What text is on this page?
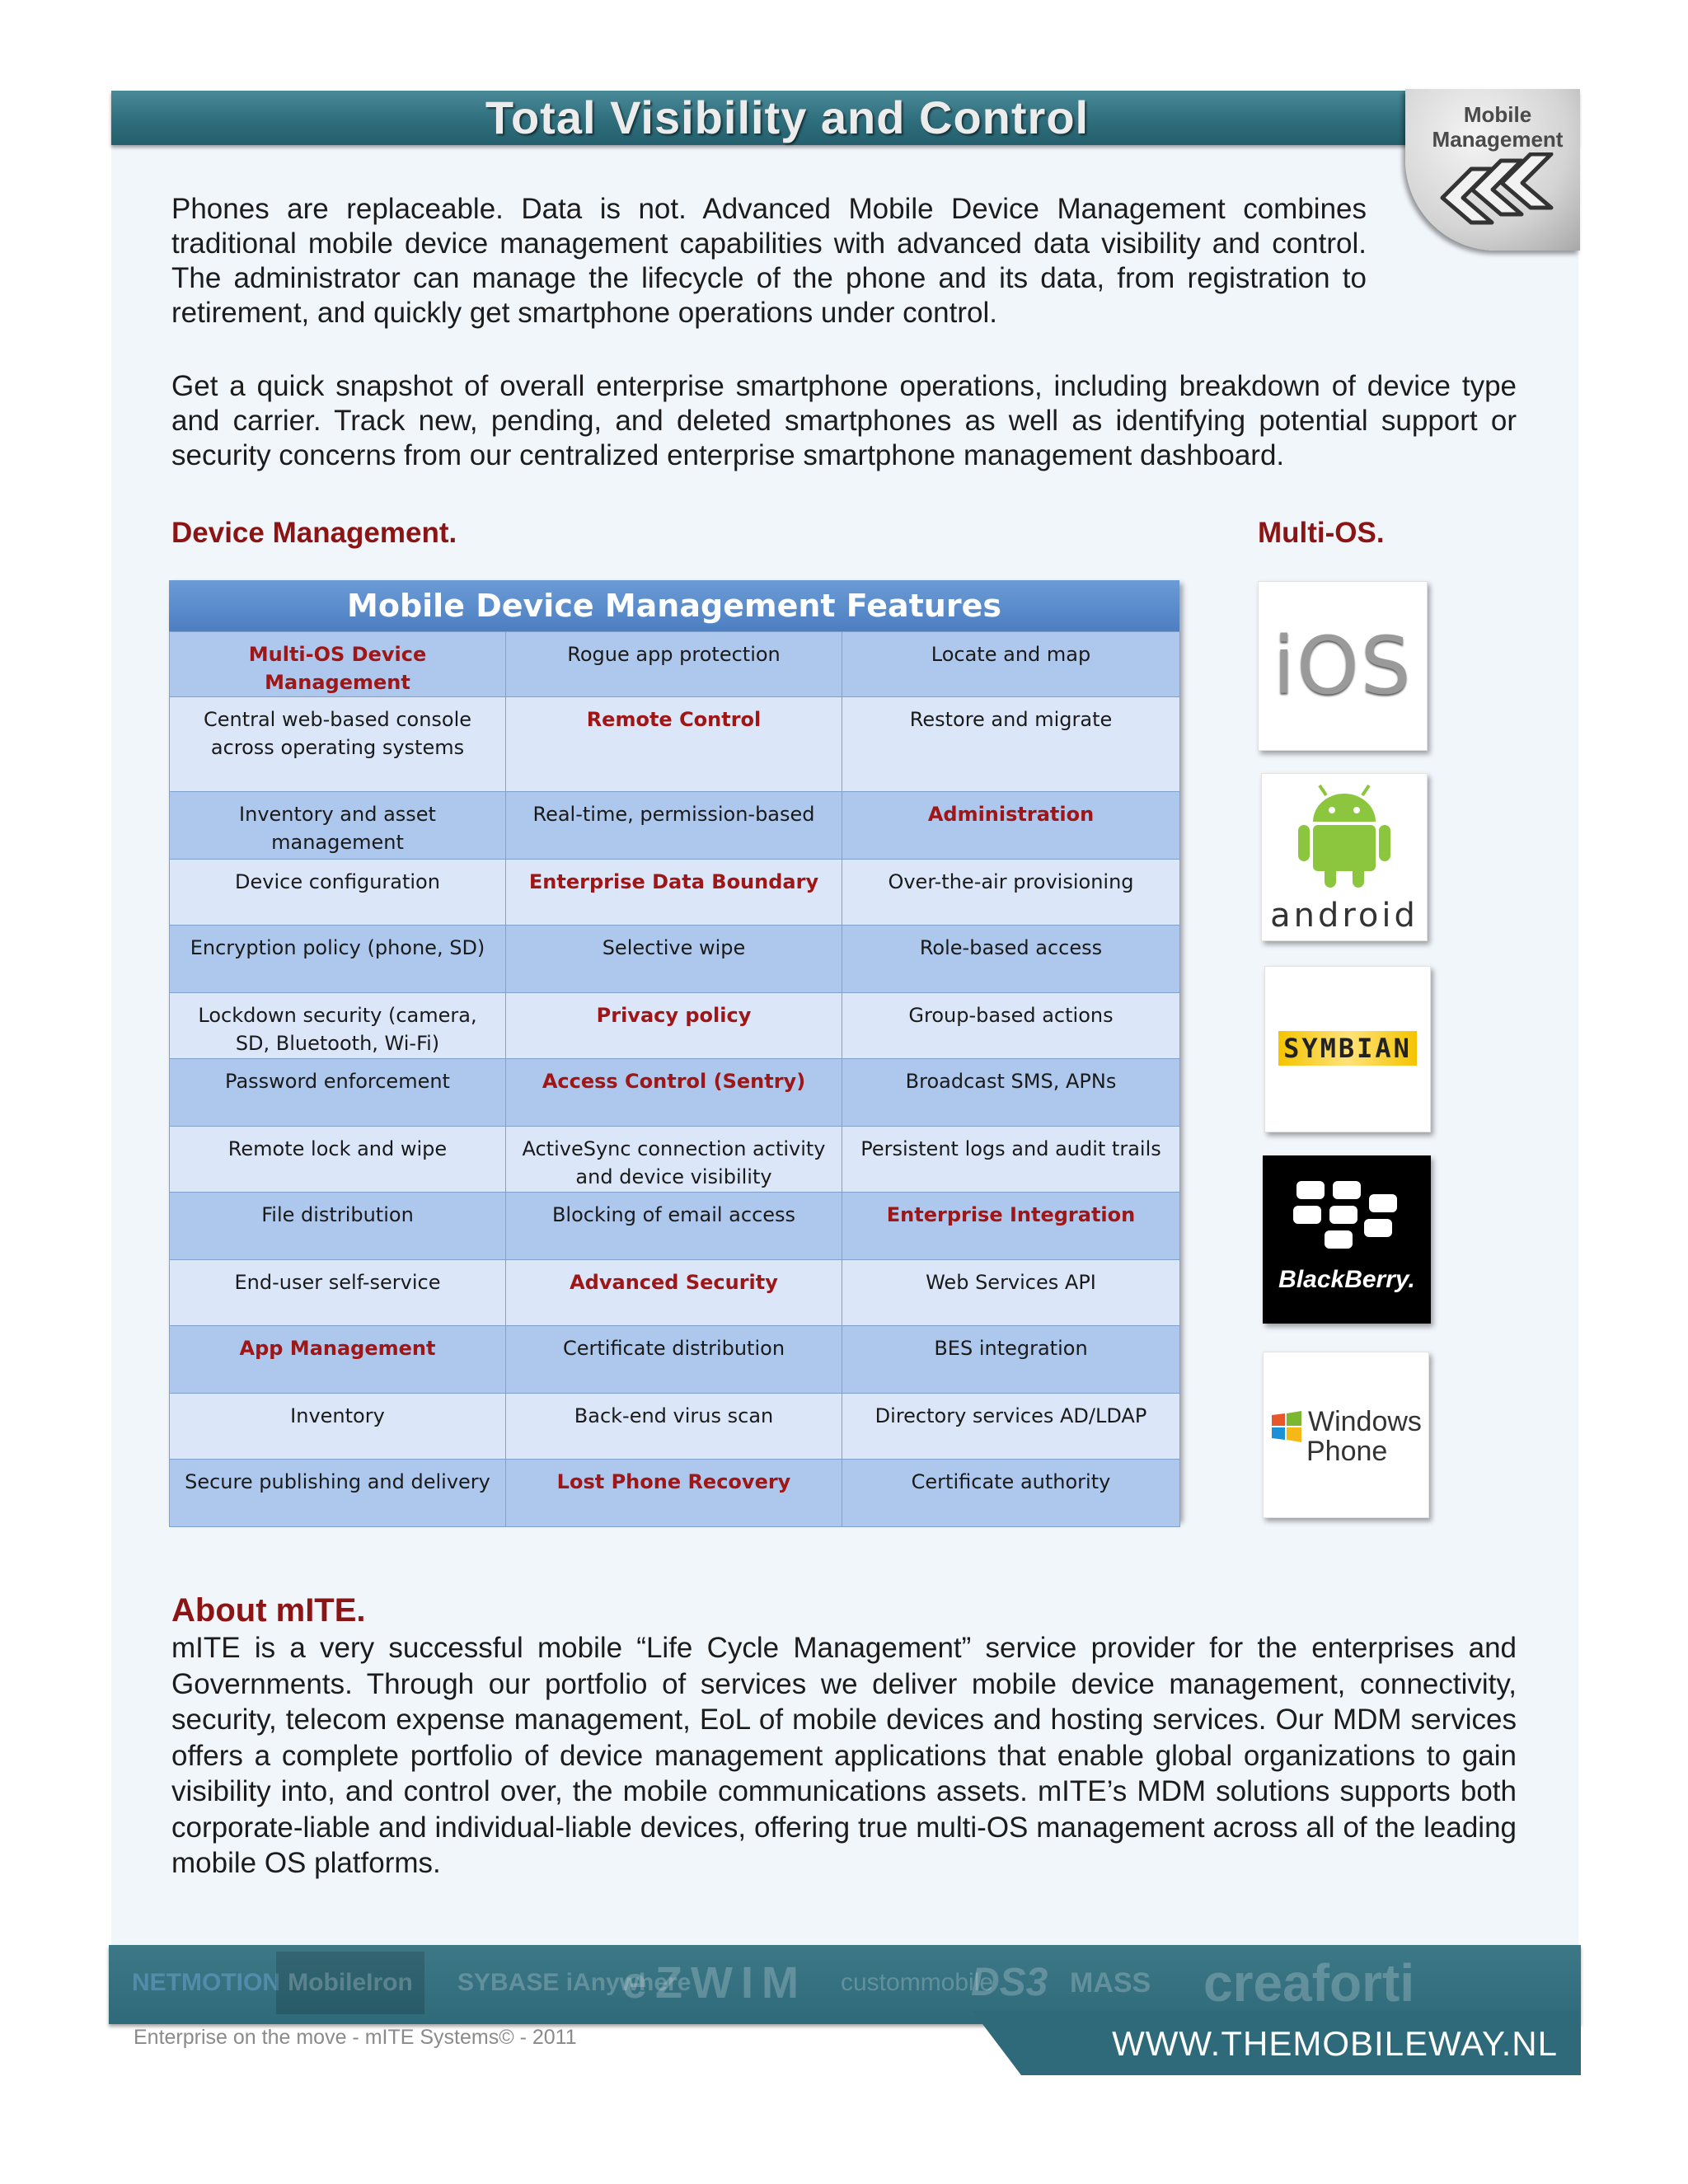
Total Visibility and Control	Mobile
Management

Phones are replaceable. Data is not. Advanced Mobile Device Management combines traditional mobile device management capabilities with advanced data visibility and control. The administrator can manage the lifecycle of the phone and its data, from registration to retirement, and quickly get smartphone operations under control.

Get a quick snapshot of overall enterprise smartphone operations, including breakdown of device type and carrier. Track new, pending, and deleted smartphones as well as identifying potential support or security concerns from our centralized enterprise smartphone management dashboard.

Device Management.	Multi-OS.
Mobile Device Management Features
Multi-OS Device Management	Rogue app protection	Locate and map
Central web-based console across operating systems	Remote Control	Restore and migrate
Inventory and asset management	Real-time, permission-based	Administration
Device configuration	Enterprise Data Boundary	Over-the-air provisioning
Encryption policy (phone, SD)	Selective wipe	Role-based access
Lockdown security (camera, SD, Bluetooth, Wi-Fi)	Privacy policy	Group-based actions
Password enforcement	Access Control (Sentry)	Broadcast SMS, APNs
Remote lock and wipe	ActiveSync connection activity and device visibility	Persistent logs and audit trails
File distribution	Blocking of email access	Enterprise Integration
End-user self-service	Advanced Security	Web Services API
App Management	Certificate distribution	BES integration
Inventory	Back-end virus scan	Directory services AD/LDAP
Secure publishing and delivery	Lost Phone Recovery	Certificate authority
iOS
android
SYMBIAN
BlackBerry.
Windows
Phone
About mITE.

mITE is a very successful mobile “Life Cycle Management” service provider for the enterprises and Governments. Through our portfolio of services we deliver mobile device management, connectivity, security, telecom expense management, EoL of mobile devices and hosting services. Our MDM services offers a complete portfolio of device management applications that enable global organizations to gain visibility into, and control over, the mobile communications assets. mITE’s MDM solutions supports both corporate-liable and individual-liable devices, offering true multi-OS management across all of the leading mobile OS platforms.

NETMOTION MobileIron	SYBASE iAnywhere
eZWIM custommobile
DS3 MASS creaforti
Enterprise on the move - mITE Systems© - 2011	WWW.THEMOBILEWAY.NL
